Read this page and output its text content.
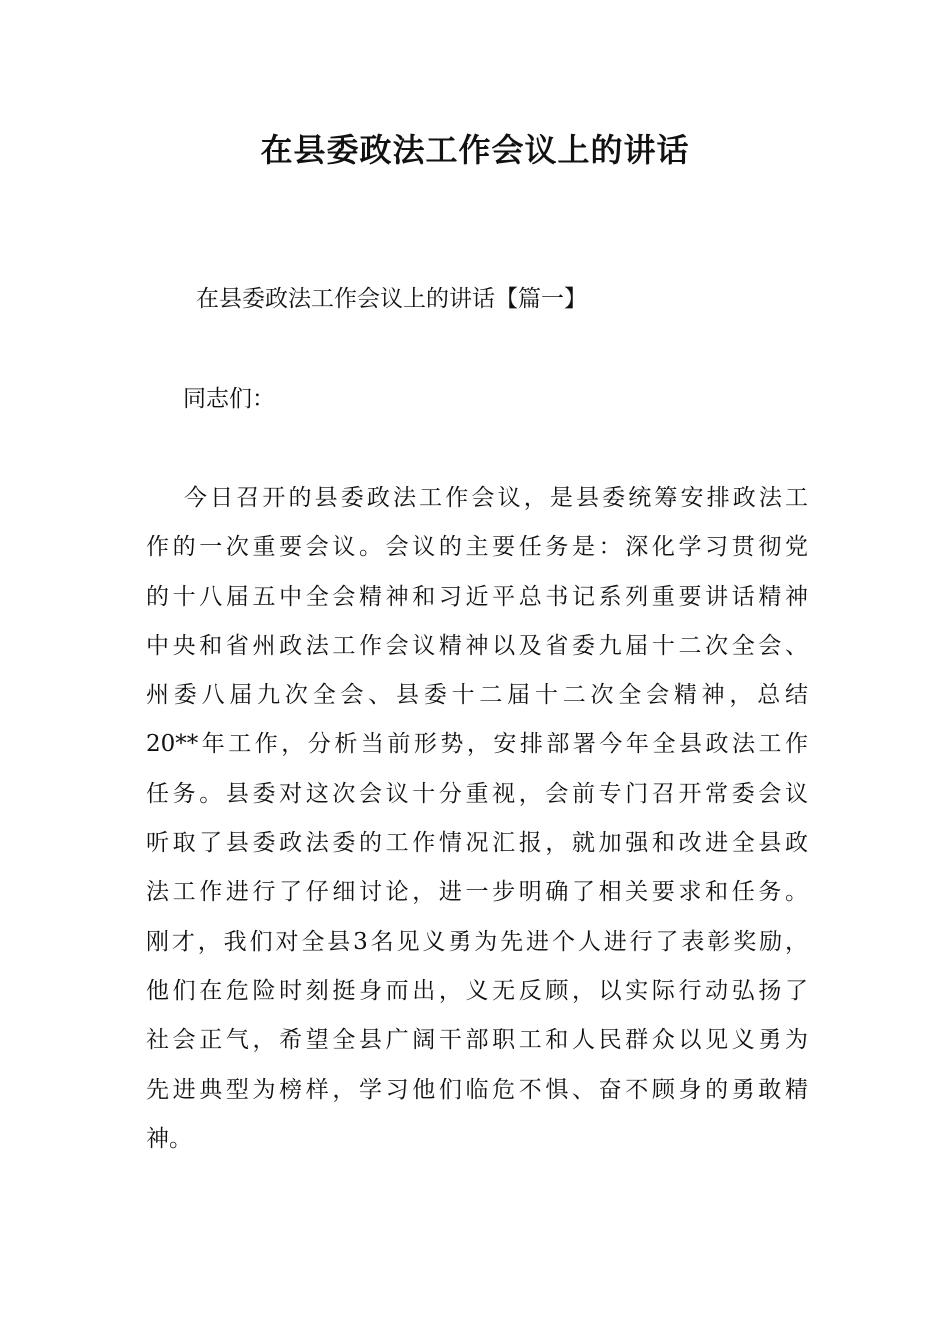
在县委政法工作会议上的讲话
在县委政法工作会议上的讲话【篇一】

同志们：

今日召开的县委政法工作会议，是县委统筹安排政法工
作的一次重要会议。会议的主要任务是：深化学习贯彻党
的十八届五中全会精神和习近平总书记系列重要讲话精神
中央和省州政法工作会议精神以及省委九届十二次全会、
州委八届九次全会、县委十二届十二次全会精神，总结
20**年工作，分析当前形势，安排部署今年全县政法工作
任务。县委对这次会议十分重视，会前专门召开常委会议
听取了县委政法委的工作情况汇报，就加强和改进全县政
法工作进行了仔细讨论，进一步明确了相关要求和任务。
刚才，我们对全县3名见义勇为先进个人进行了表彰奖励，
他们在危险时刻挺身而出，义无反顾，以实际行动弘扬了
社会正气，希望全县广阔干部职工和人民群众以见义勇为
先进典型为榜样，学习他们临危不惧、奋不顾身的勇敢精
神。
